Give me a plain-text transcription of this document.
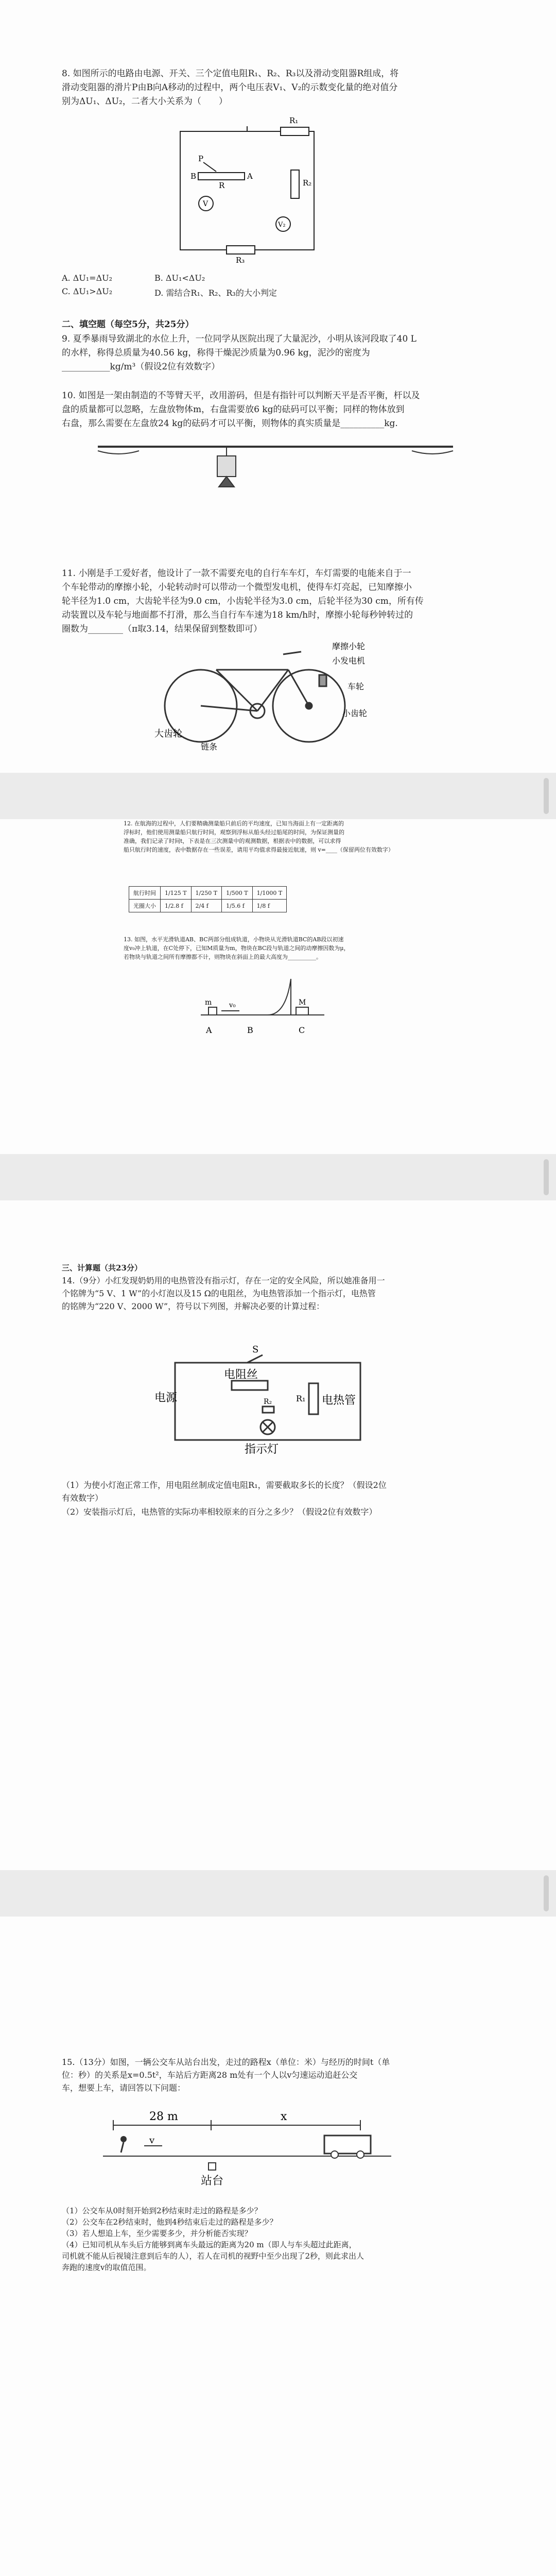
8. 如图所示的电路由电源、开关、三个定值电阻R₁、R₂、R₃以及滑动变阻器R组成，将
滑动变阻器的滑片P由B向A移动的过程中，两个电压表V₁、V₂的示数变化量的绝对值分
别为ΔU₁、ΔU₂，二者大小关系为（　　）
R₁
R₂
R₃
P
B
R
A
V
V₂
A. ΔU₁=ΔU₂	B. ΔU₁<ΔU₂
C. ΔU₁>ΔU₂	D. 需结合R₁、R₂、R₃的大小判定
二、填空题（每空5分，共25分）
9. 夏季暴雨导致湖北的水位上升，一位同学从医院出现了大量泥沙，小明从该河段取了40 L
的水样，称得总质量为40.56 kg，称得干燥泥沙质量为0.96 kg，泥沙的密度为
___________kg/m³（假设2位有效数字）
10. 如图是一架由制造的不等臂天平，改用游码，但是有指针可以判断天平是否平衡，杆以及
盘的质量都可以忽略，左盘放物体m，右盘需要放6 kg的砝码可以平衡；同样的物体放到
右盘，那么需要在左盘放24 kg的砝码才可以平衡，则物体的真实质量是__________kg.
11. 小刚是手工爱好者，他设计了一款不需要充电的自行车车灯，车灯需要的电能来自于一
个车轮带动的摩擦小轮，小轮转动时可以带动一个微型发电机，使得车灯亮起，已知摩擦小
轮半径为1.0 cm，大齿轮半径为9.0 cm，小齿轮半径为3.0 cm，后轮半径为30 cm，所有传
动装置以及车轮与地面都不打滑，那么当自行车车速为18 km/h时，摩擦小轮每秒钟转过的
圈数为________（π取3.14，结果保留到整数即可）
摩擦小轮
小发电机
车轮
小齿轮
大齿轮
链条
12. 在航海的过程中，人们要精确测量船只前后的平均速度，已知当海面上有一定距离的
浮标时，他们使用测量船只航行时间，观察到浮标从船头经过船尾的时间，为保证测量的
准确，我们记录了时间t，下表是在三次测量中的观测数据，根据表中的数据，可以求得
船只航行时的速度，表中数据存在一些误差，请用平均值求得最接近航速，则 v=____（保留两位有效数字）
航行时间	1/125 T	1/250 T	1/500 T	1/1000 T
光圈大小	1/2.8 f	2/4 f	1/5.6 f	1/8 f
13. 如图，水平光滑轨道AB、BC两部分组成轨道，小物块从光滑轨道BC的AB段以初速
度v₀冲上轨道，在C处停下，已知M质量为m，物块在BC段与轨道之间的动摩擦因数为μ，
若物块与轨道之间所有摩擦都不计，则物块在斜面上的最大高度为__________。
m	v₀	M
A	B	C
三、计算题（共23分）
14.（9分）小红发现奶奶用的电热管没有指示灯，存在一定的安全风险，所以她准备用一
个铭牌为“5 V、1 W”的小灯泡以及15 Ω的电阻丝，为电热管添加一个指示灯，电热管
的铭牌为“220 V、2000 W”，符号以下列图，并解决必要的计算过程：
S
电源
电阻丝
R₁ 电热管
R₂
指示灯
（1）为使小灯泡正常工作，用电阻丝制成定值电阻R₁，需要截取多长的长度？（假设2位
有效数字）
（2）安装指示灯后，电热管的实际功率相较原来的百分之多少？（假设2位有效数字）
15.（13分）如图，一辆公交车从站台出发，走过的路程x（单位：米）与经历的时间t（单
位：秒）的关系是x=0.5t²，车站后方距离28 m处有一个人以v匀速运动追赶公交
车，想要上车，请回答以下问题：
28 m	x
v
站台
（1）公交车从0时刻开始到2秒结束时走过的路程是多少？
（2）公交车在2秒结束时，他到4秒结束后走过的路程是多少？
（3）若人想追上车，至少需要多少，并分析能否实现？
（4）已知司机从车头后方能够到离车头最远的距离为20 m（即人与车头超过此距离，
司机就不能从后视镜注意到后车的人），若人在司机的视野中至少出现了2秒，则此求出人
奔跑的速度v的取值范围。
